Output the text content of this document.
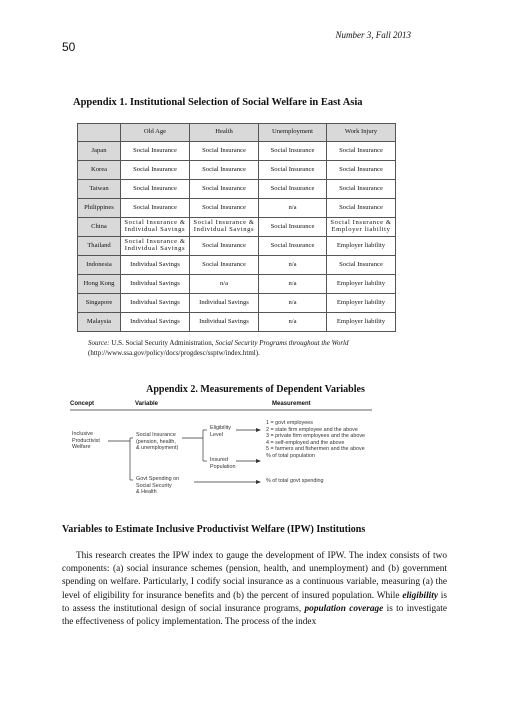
Number 3, Fall 2013
50
Appendix 1. Institutional Selection of Social Welfare in East Asia
	Old Age	Health	Unemployment	Work Injury
Japan	Social Insurance	Social Insurance	Social Insurance	Social Insurance
Korea	Social Insurance	Social Insurance	Social Insurance	Social Insurance
Taiwan	Social Insurance	Social Insurance	Social Insurance	Social Insurance
Philippines	Social Insurance	Social Insurance	n/a	Social Insurance
China	Social Insurance & Individual Savings	Social Insurance & Individual Savings	Social Insurance	Social Insurance & Employer liability
Thailand	Social Insurance & Individual Savings	Social Insurance	Social Insurance	Employer liability
Indonesia	Individual Savings	Social Insurance	n/a	Social Insurance
Hong Kong	Individual Savings	n/a	n/a	Employer liability
Singapore	Individual Savings	Individual Savings	n/a	Employer liability
Malaysia	Individual Savings	Individual Savings	n/a	Employer liability
Source: U.S. Social Security Administration, Social Security Programs throughout the World (http://www.ssa.gov/policy/docs/progdesc/ssptw/index.html).
Appendix 2. Measurements of Dependent Variables
Concept	Variable	Measurement
Inclusive
Productivist
Welfare
Social Insurance
(pension, health,
& unemployment)
Eligibility
Level
Insured
Population
Govt Spending on
Social Security
& Health
1 = govt employees
2 = state firm employee and the above
3 = private firm employees and the above
4 = self-employed and the above
5 = farmers and fishermen and the above
% of total population
% of total govt spending
Variables to Estimate Inclusive Productivist Welfare (IPW) Institutions

This research creates the IPW index to gauge the development of IPW. The index consists of two components: (a) social insurance schemes (pension, health, and unemployment) and (b) government spending on welfare. Particularly, I codify social insurance as a continuous variable, measuring (a) the level of eligibility for insurance benefits and (b) the percent of insured population. While eligibility is to assess the institutional design of social insurance programs, population coverage is to investigate the effectiveness of policy implementation. The process of the index
